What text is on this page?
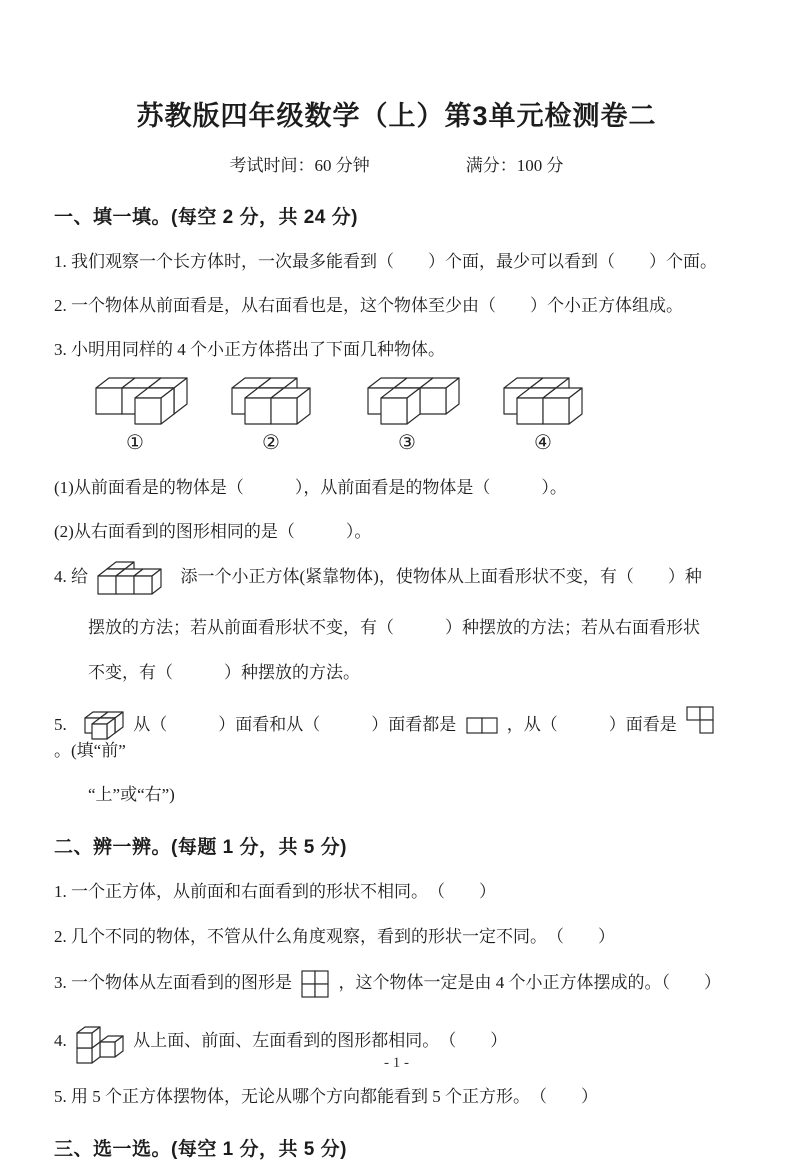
苏教版四年级数学（上）第3单元检测卷二
考试时间：60 分钟	满分：100 分
一、填一填。(每空 2 分，共 24 分)

1. 我们观察一个长方体时，一次最多能看到（　　）个面，最少可以看到（　　）个面。

2. 一个物体从前面看是，从右面看也是，这个物体至少由（　　）个小正方体组成。

3. 小明用同样的 4 个小正方体搭出了下面几种物体。

①	②	③	④

(1)从前面看是的物体是（　　　），从前面看是的物体是（　　　）。

(2)从右面看到的图形相同的是（　　　）。

4. 给	添一个小正方体(紧靠物体)，使物体从上面看形状不变，有（　　）种

摆放的方法；若从前面看形状不变，有（　　　）种摆放的方法；若从右面看形状

不变，有（　　　）种摆放的方法。

5.	从（　　　）面看和从（　　　）面看都是	，从（　　　）面看是
。(填“前”

“上”或“右”)

二、辨一辨。(每题 1 分，共 5 分)

1. 一个正方体，从前面和右面看到的形状不相同。　（　　）

2. 几个不同的物体，不管从什么角度观察，看到的形状一定不同。　（　　）

3. 一个物体从左面看到的图形是	，这个物体一定是由 4 个小正方体摆成的。（　　）

4.	从上面、前面、左面看到的图形都相同。　（　　）

5. 用 5 个正方体摆物体，无论从哪个方向都能看到 5 个正方形。　（　　）

三、选一选。(每空 1 分，共 5 分)
- 1 -
